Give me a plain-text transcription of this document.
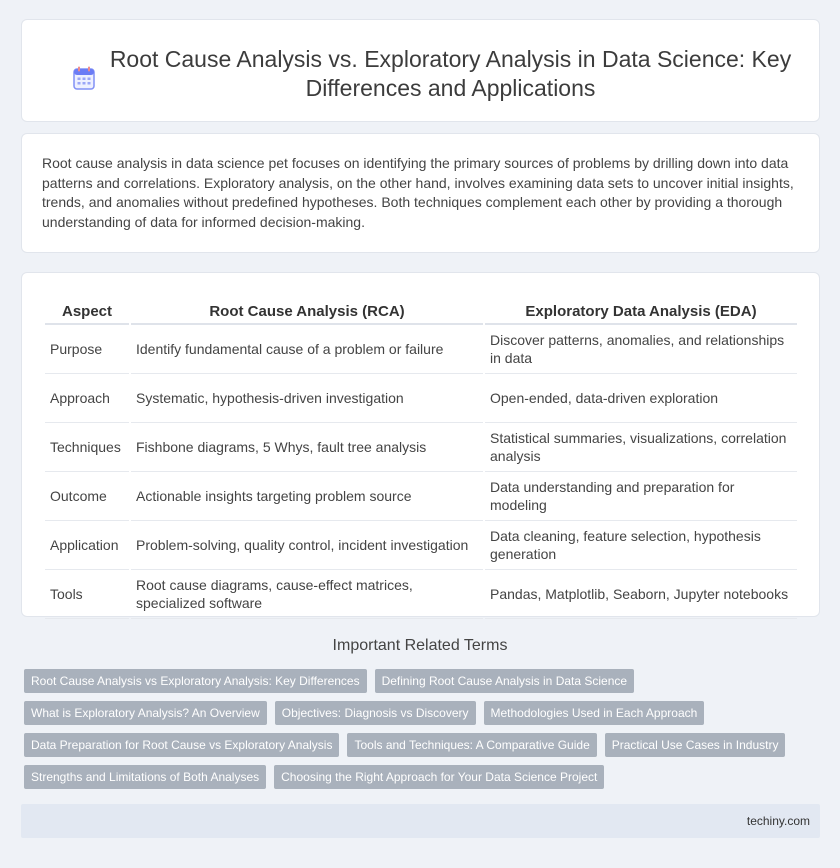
Root Cause Analysis vs. Exploratory Analysis in Data Science: Key Differences and Applications

Root cause analysis in data science pet focuses on identifying the primary sources of problems by drilling down into data patterns and correlations. Exploratory analysis, on the other hand, involves examining data sets to uncover initial insights, trends, and anomalies without predefined hypotheses. Both techniques complement each other by providing a thorough understanding of data for informed decision-making.

Aspect	Root Cause Analysis (RCA)	Exploratory Data Analysis (EDA)
Purpose	Identify fundamental cause of a problem or failure	Discover patterns, anomalies, and relationships in data
Approach	Systematic, hypothesis-driven investigation	Open-ended, data-driven exploration
Techniques	Fishbone diagrams, 5 Whys, fault tree analysis	Statistical summaries, visualizations, correlation analysis
Outcome	Actionable insights targeting problem source	Data understanding and preparation for modeling
Application	Problem-solving, quality control, incident investigation	Data cleaning, feature selection, hypothesis generation
Tools	Root cause diagrams, cause-effect matrices, specialized software	Pandas, Matplotlib, Seaborn, Jupyter notebooks
Important Related Terms
Root Cause Analysis vs Exploratory Analysis: Key Differences	Defining Root Cause Analysis in Data Science
What is Exploratory Analysis? An Overview	Objectives: Diagnosis vs Discovery	Methodologies Used in Each Approach
Data Preparation for Root Cause vs Exploratory Analysis	Tools and Techniques: A Comparative Guide	Practical Use Cases in Industry
Strengths and Limitations of Both Analyses	Choosing the Right Approach for Your Data Science Project
techiny.com
